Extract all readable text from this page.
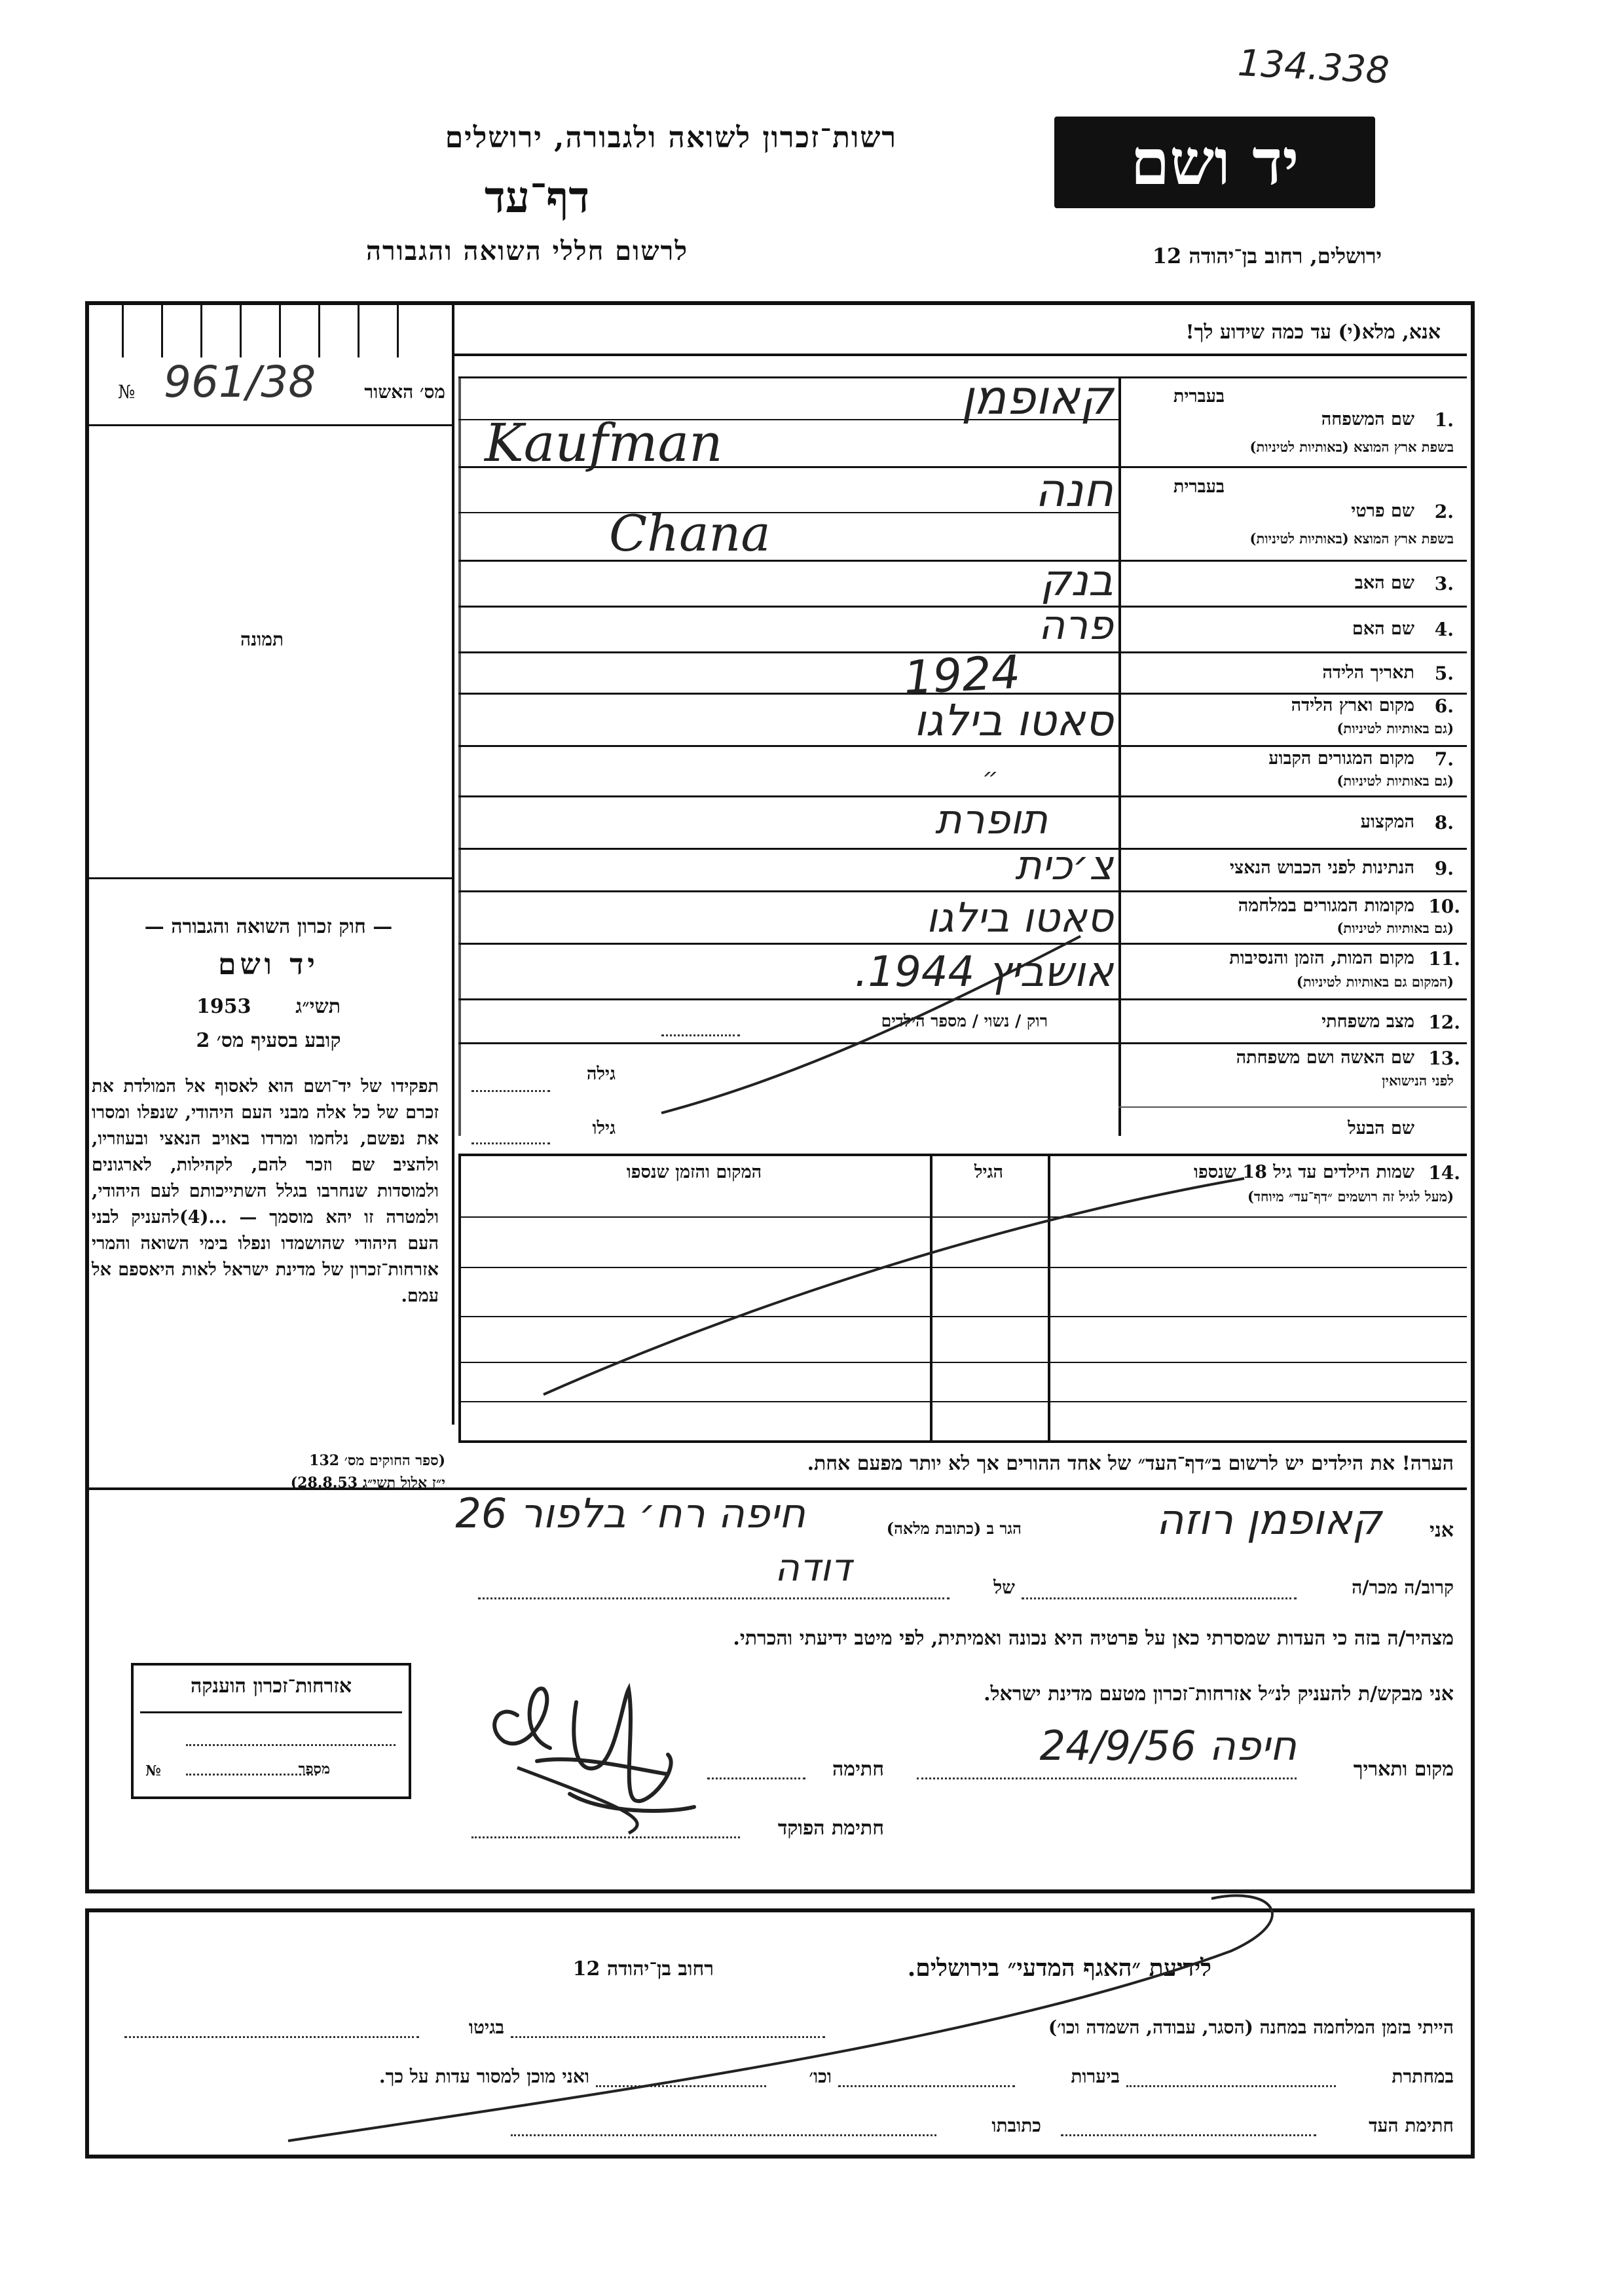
134.338
רשות־זכרון לשואה ולגבורה, ירושלים
דף־עד
לרשום חללי השואה והגבורה
יד ושם
ירושלים, רחוב בן־יהודה 12
אנא, מלא(י) עד כמה שידוע לך!
№ 961/38	מס׳ האשור
תמונה
בעברית
1.
שם המשפחה
בשפת ארץ המוצא (באותיות לטיניות)
קאופמן
Kaufman
בעברית
2.
שם פרטי
בשפת ארץ המוצא (באותיות לטיניות)
חנה
Chana
3.
שם האב
בנק
4.
שם האם
פרה
5.
תאריך הלידה
1924
6.
מקום וארץ הלידה
(גם באותיות לטיניות)
סאטו בילגו
7.
מקום המגורים הקבוע
(גם באותיות לטיניות)
״
8.
המקצוע
תופרת
9.
הנתינות לפני הכבוש הנאצי
צ׳כית
10.
מקומות המגורים במלחמה
(גם באותיות לטיניות)
סאטו בילגו
11.
מקום המות, הזמן והנסיבות
(המקום גם באותיות לטיניות)
אושביץ 1944.
12.
מצב משפחתי
רוק / נשוי / מספר הילדים
13.
שם האשה ושם משפחתה
לפני הנישואין
גילה
שם הבעל
גילו
14.
שמות הילדים עד גיל 18 שנספו
(מעל לגיל זה רושמים ״דף־עד״ מיוחד)
הגיל
המקום והזמן שנספו
הערה! את הילדים יש לרשום ב״דף־העד״ של אחד ההורים אך לא יותר מפעם אחת.
— חוק זכרון השואה והגבורה —
יד ושם
1953	תשי״ג
קובע בסעיף מס׳ 2
תפקידו של יד־ושם הוא לאסוף אל המולדת את זכרם של כל אלה מבני העם היהודי, שנפלו ומסרו את נפשם, נלחמו ומרדו באויב הנאצי ובעוזריו, ולהציב שם וזכר להם, לקהילות, לארגונים ולמוסדות שנחרבו בגלל השתייכותם לעם היהודי, ולמטרה זו יהא מוסמך — ...(4)להעניק לבני העם היהודי שהושמדו ונפלו בימי השואה והמרי אזרחות־זכרון של מדינת ישראל לאות היאספם אל עמם.
(ספר החוקים מס׳ 132
י״ז אלול תשי״ג 28.8.53)
אני
קאופמן רוזה
הגר ב (כתובת מלאה)
חיפה רח׳ בלפור 26
קרוב/ה מכר/ה
של
דודה
מצהיר/ה בזה כי העדות שמסרתי כאן על פרטיה היא נכונה ואמיתית, לפי מיטב ידיעתי והכרתי.
אני מבקש/ת להעניק לנ״ל אזרחות־זכרון מטעם מדינת ישראל.
מקום ותאריך
חיפה 24/9/56
חתימה
חתימת הפוקד
אזרחות־זכרון הוענקה
מספר
№
לידיעת ״האגף המדעי״ בירושלים.
רחוב בן־יהודה 12
הייתי בזמן המלחמה במחנה (הסגר, עבודה, השמדה וכו׳)
בגיטו
במחתרת
ביערות
וכו׳
ואני מוכן למסור עדות על כך.
חתימת העד
כתובתו
